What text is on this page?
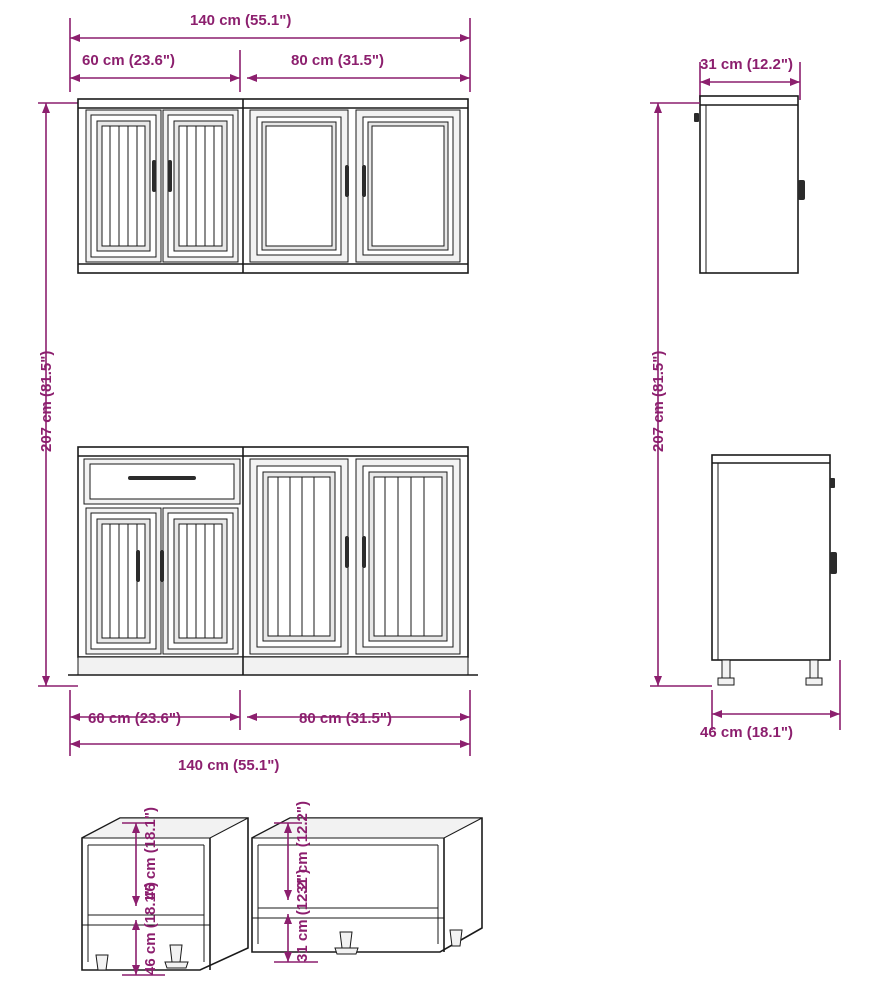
140 cm (55.1")
60 cm (23.6")	80 cm (31.5")
207 cm (81.5")
60 cm (23.6")	80 cm (31.5")
140 cm (55.1")
31 cm (12.2")
207 cm (81.5")
46 cm (18.1")
46 cm (18.1")
46 cm (18.1")
31 cm (12.2")
31 cm (12.2")
